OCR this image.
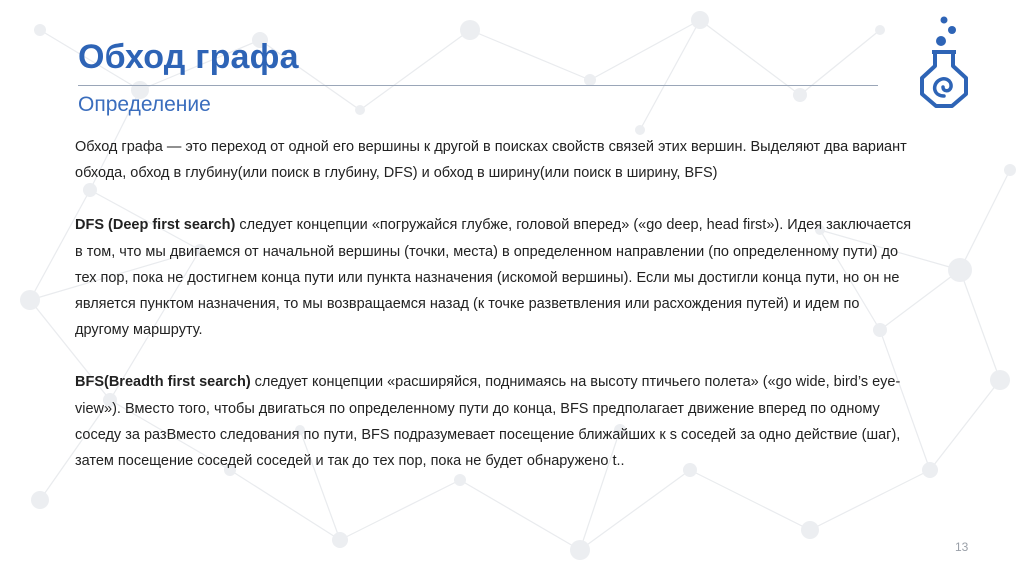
Обход графа
Определение

Обход графа — это переход от одной его вершины к другой в поисках свойств связей этих вершин. Выделяют два вариант обхода, обход в глубину(или поиск в глубину, DFS) и обход в ширину(или поиск в ширину, BFS)

DFS (Deep first search) следует концепции «погружайся глубже, головой вперед» («go deep, head first»). Идея заключается в том, что мы двигаемся от начальной вершины (точки, места) в определенном направлении (по определенному пути) до тех пор, пока не достигнем конца пути или пункта назначения (искомой вершины). Если мы достигли конца пути, но он не является пунктом назначения, то мы возвращаемся назад (к точке разветвления или расхождения путей) и идем по другому маршруту.

BFS(Breadth first search) следует концепции «расширяйся, поднимаясь на высоту птичьего полета» («go wide, bird’s eye-view»). Вместо того, чтобы двигаться по определенному пути до конца, BFS предполагает движение вперед по одному соседу за разВместо следования по пути, BFS подразумевает посещение ближайших к s соседей за одно действие (шаг), затем посещение соседей соседей и так до тех пор, пока не будет обнаружено t..

13
